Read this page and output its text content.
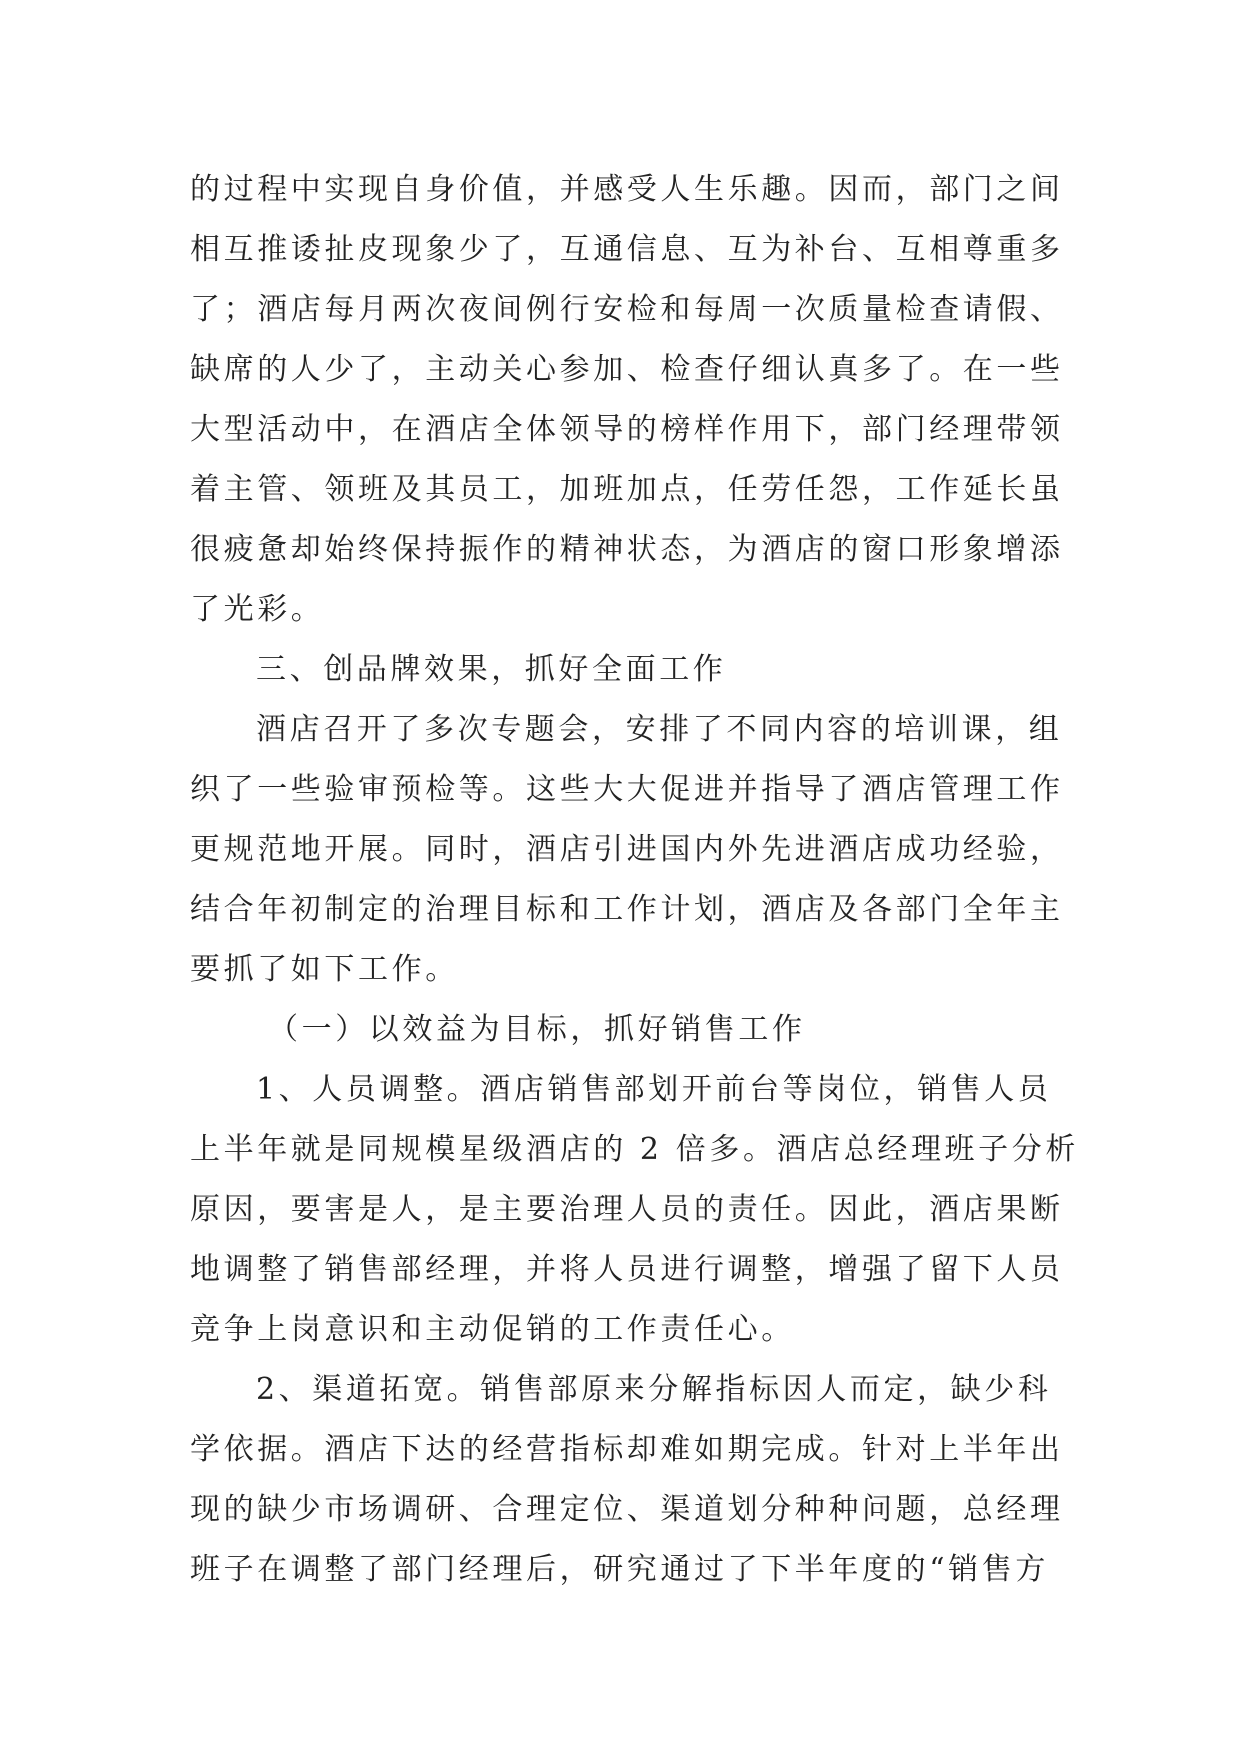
的过程中实现自身价值，并感受人生乐趣。因而，部门之间
相互推诿扯皮现象少了，互通信息、互为补台、互相尊重多
了；酒店每月两次夜间例行安检和每周一次质量检查请假、
缺席的人少了，主动关心参加、检查仔细认真多了。在一些
大型活动中，在酒店全体领导的榜样作用下，部门经理带领
着主管、领班及其员工，加班加点，任劳任怨，工作延长虽
很疲惫却始终保持振作的精神状态，为酒店的窗口形象增添
了光彩。
三、创品牌效果，抓好全面工作
酒店召开了多次专题会，安排了不同内容的培训课，组
织了一些验审预检等。这些大大促进并指导了酒店管理工作
更规范地开展。同时，酒店引进国内外先进酒店成功经验，
结合年初制定的治理目标和工作计划，酒店及各部门全年主
要抓了如下工作。
（一）以效益为目标，抓好销售工作
1、人员调整。酒店销售部划开前台等岗位，销售人员
上半年就是同规模星级酒店的 2 倍多。酒店总经理班子分析
原因，要害是人，是主要治理人员的责任。因此，酒店果断
地调整了销售部经理，并将人员进行调整，增强了留下人员
竞争上岗意识和主动促销的工作责任心。
2、渠道拓宽。销售部原来分解指标因人而定，缺少科
学依据。酒店下达的经营指标却难如期完成。针对上半年出
现的缺少市场调研、合理定位、渠道划分种种问题，总经理
班子在调整了部门经理后，研究通过了下半年度的“销售方
